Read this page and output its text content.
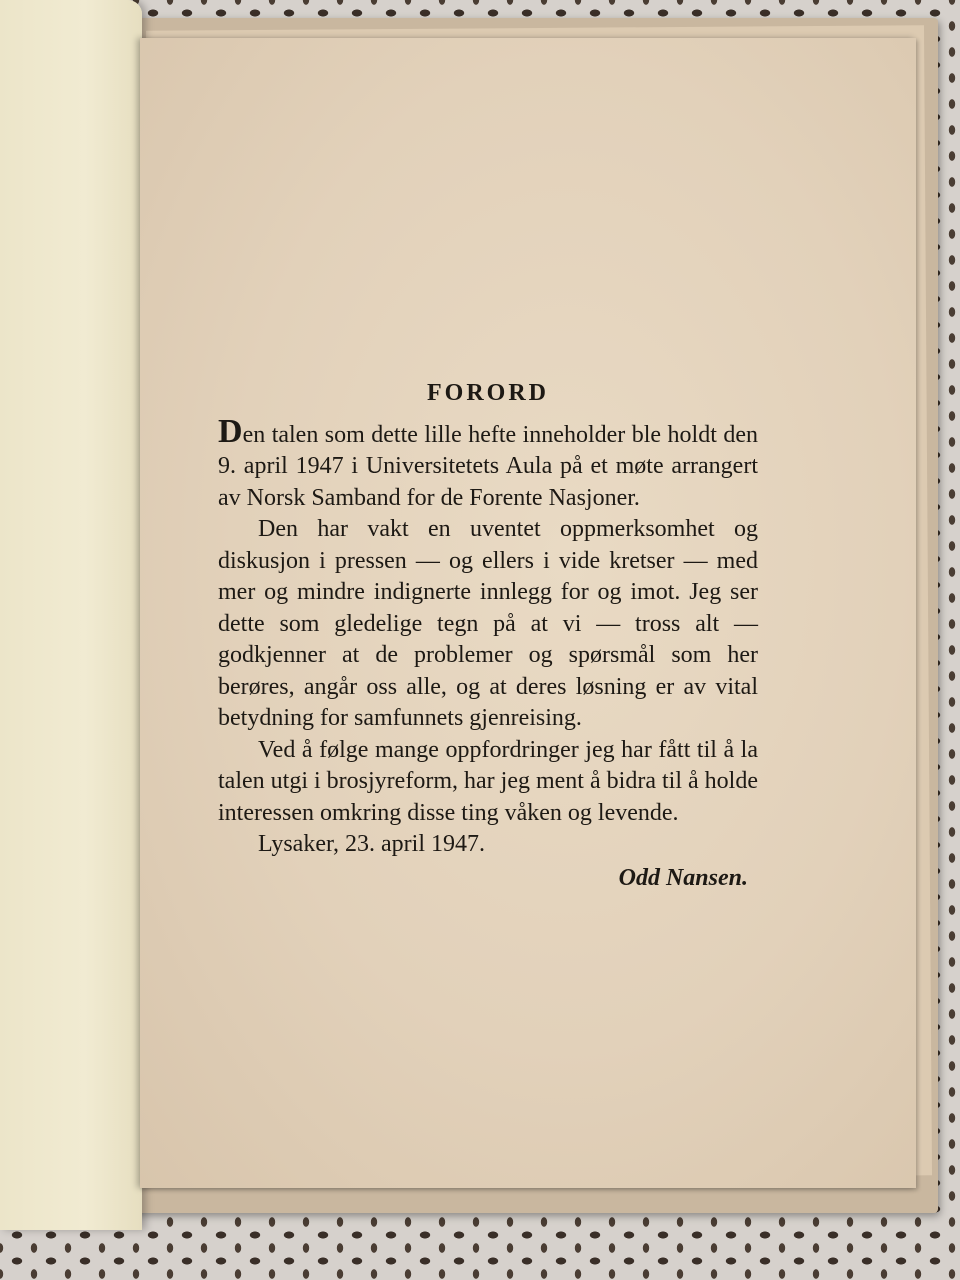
FORORD

Den talen som dette lille hefte inneholder ble holdt den 9. april 1947 i Universitetets Aula på et møte arrangert av Norsk Samband for de Forente Nasjoner.

Den har vakt en uventet oppmerksomhet og diskusjon i pressen — og ellers i vide kretser — med mer og mindre indignerte innlegg for og imot. Jeg ser dette som gledelige tegn på at vi — tross alt — godkjenner at de problemer og spørsmål som her berøres, angår oss alle, og at deres løsning er av vital betydning for samfunnets gjenreising.

Ved å følge mange oppfordringer jeg har fått til å la talen utgi i brosjyreform, har jeg ment å bidra til å holde interessen omkring disse ting våken og levende.

Lysaker, 23. april 1947.

Odd Nansen.
